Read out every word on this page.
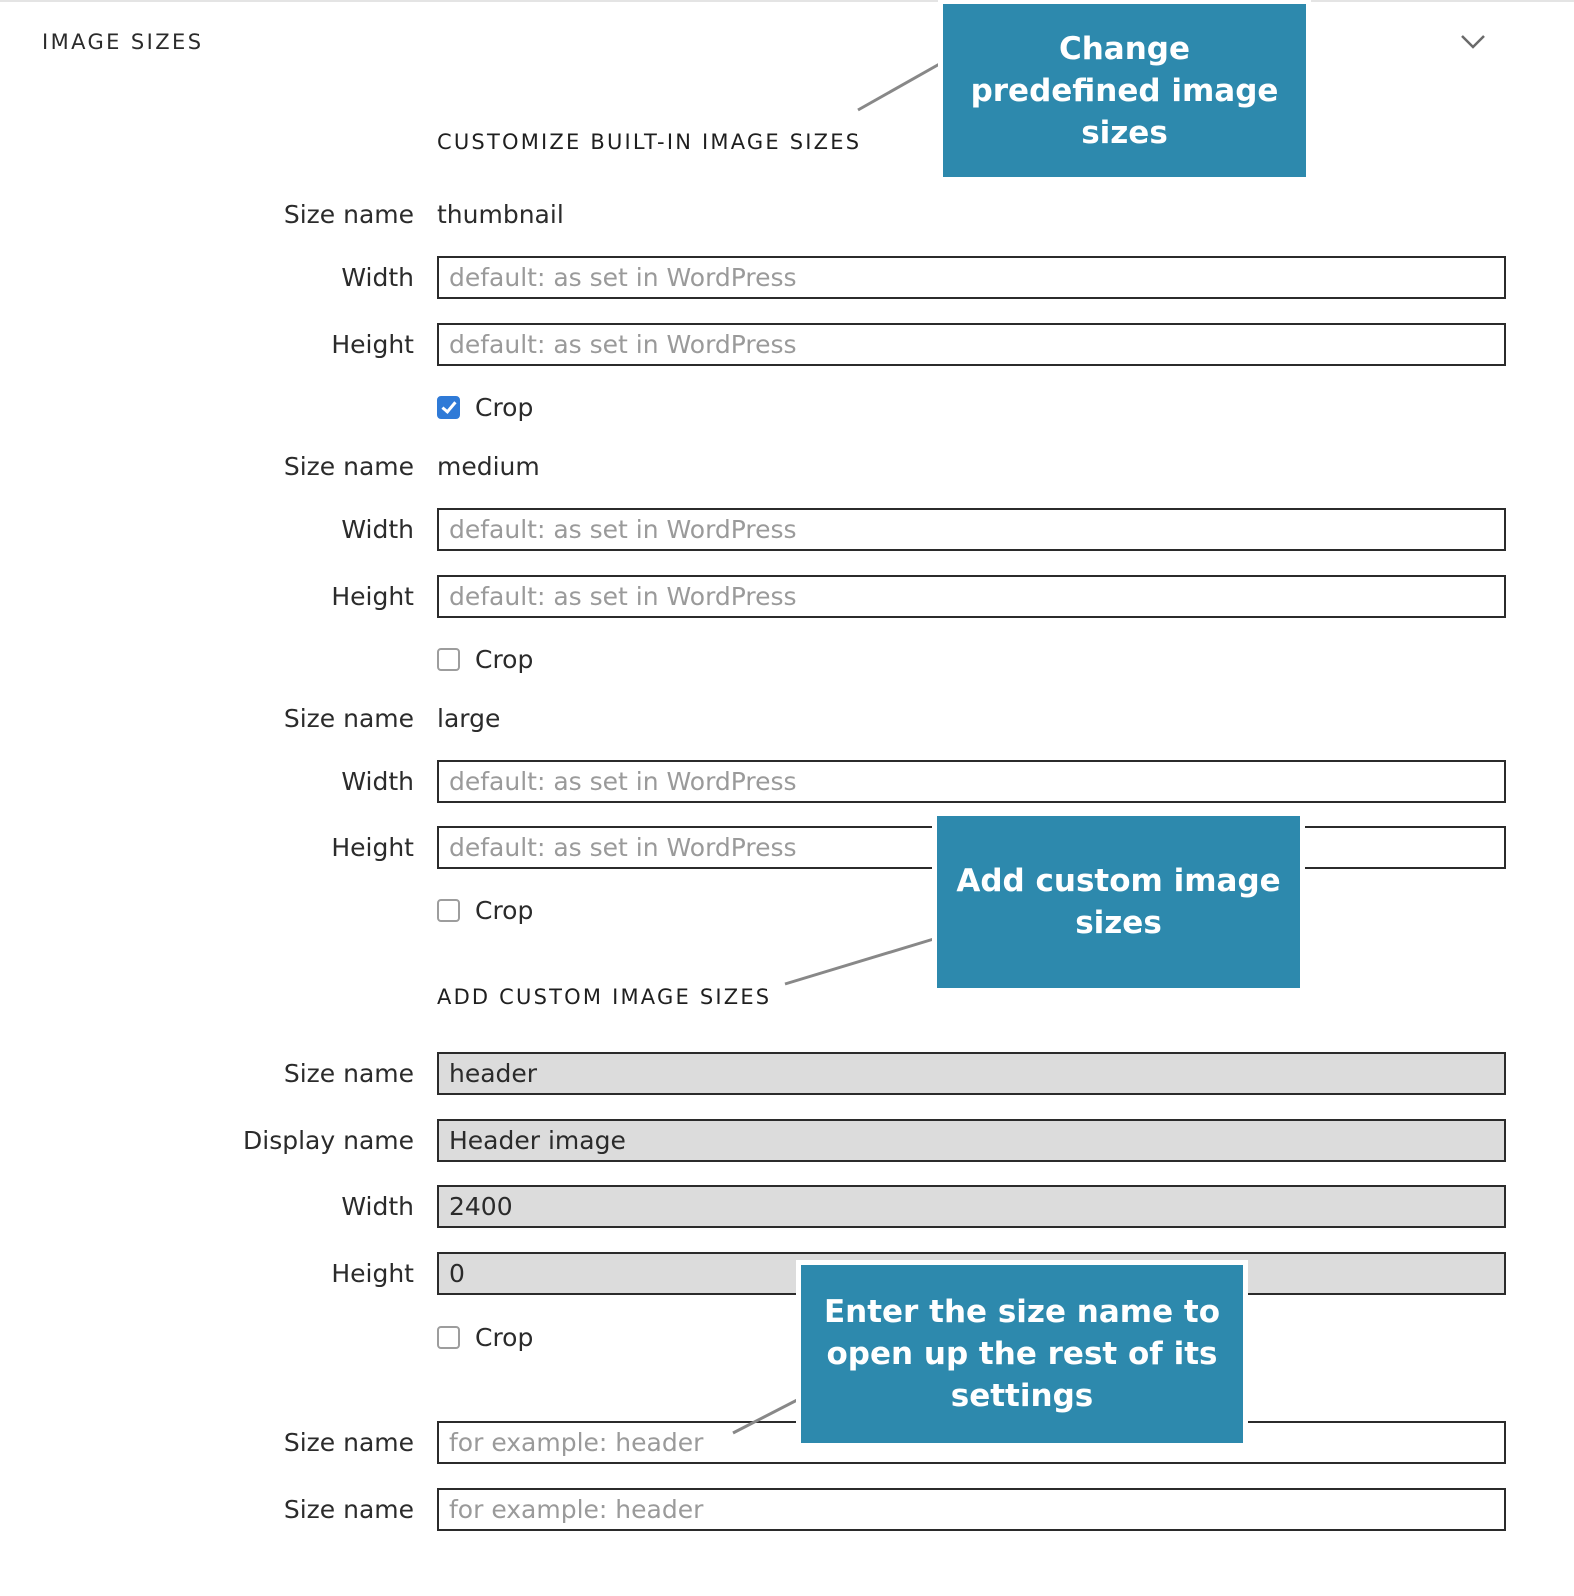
IMAGE SIZES
CUSTOMIZE BUILT-IN IMAGE SIZES
Size name thumbnail
Width
default: as set in WordPress
Height
default: as set in WordPress
Crop
Size name medium
Width
default: as set in WordPress
Height
default: as set in WordPress
Crop
Size name large
Width
default: as set in WordPress
Height
default: as set in WordPress
Crop
ADD CUSTOM IMAGE SIZES
Size name
header
Display name
Header image
Width
2400
Height
0
Crop
Size name
for example: header
Size name
for example: header
Change predefined image sizes
Add custom image sizes
Enter the size name to open up the rest of its settings
